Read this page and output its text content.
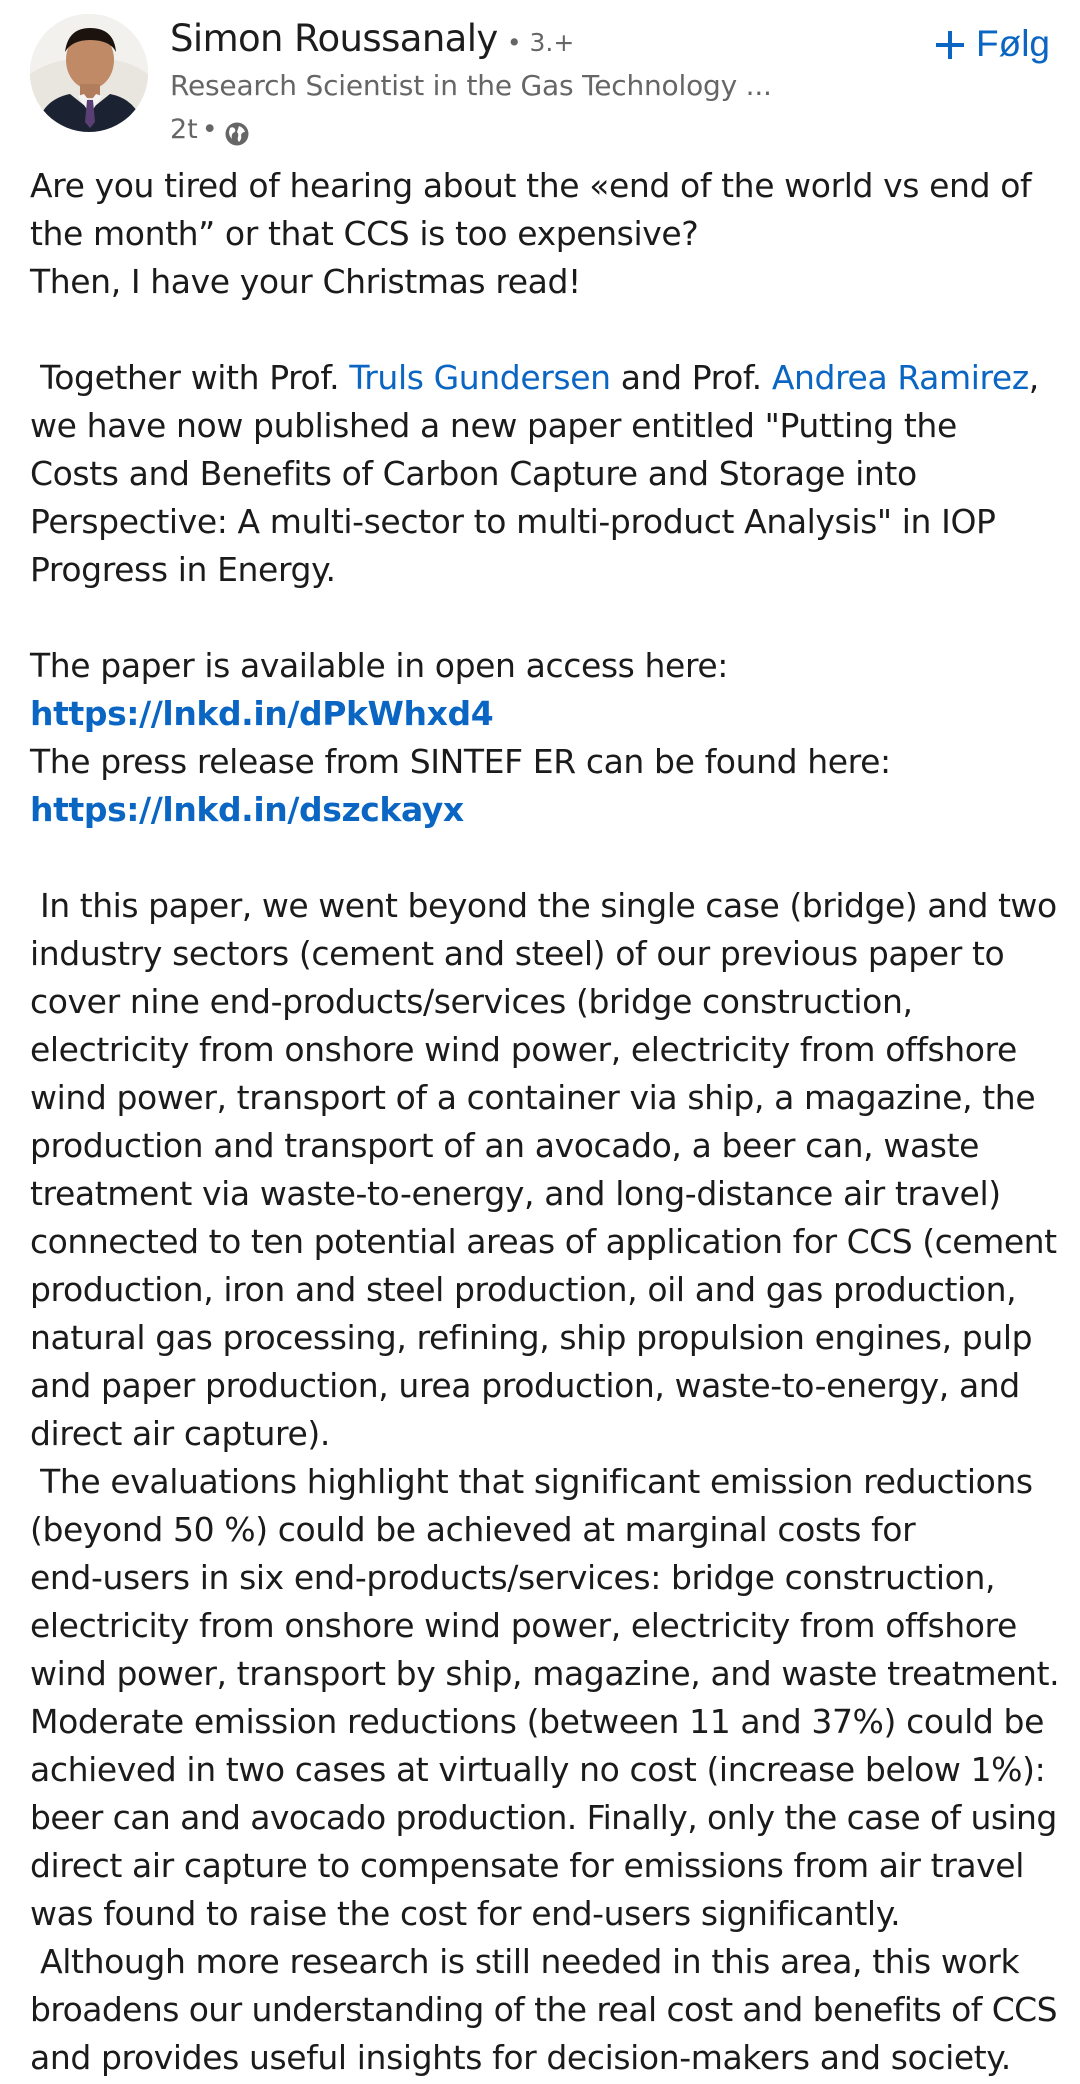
Simon Roussanaly • 3.+
Research Scientist in the Gas Technology ...
2t •
Følg
Are you tired of hearing about the «end of the world vs end of
the month” or that CCS is too expensive?
Then, I have your Christmas read!
Together with Prof. Truls Gundersen and Prof. Andrea Ramirez,
we have now published a new paper entitled "Putting the
Costs and Benefits of Carbon Capture and Storage into
Perspective: A multi-sector to multi-product Analysis" in IOP
Progress in Energy.
The paper is available in open access here:
https://lnkd.in/dPkWhxd4
The press release from SINTEF ER can be found here:
https://lnkd.in/dszckayx
In this paper, we went beyond the single case (bridge) and two
industry sectors (cement and steel) of our previous paper to
cover nine end-products/services (bridge construction,
electricity from onshore wind power, electricity from offshore
wind power, transport of a container via ship, a magazine, the
production and transport of an avocado, a beer can, waste
treatment via waste-to-energy, and long-distance air travel)
connected to ten potential areas of application for CCS (cement
production, iron and steel production, oil and gas production,
natural gas processing, refining, ship propulsion engines, pulp
and paper production, urea production, waste-to-energy, and
direct air capture).
The evaluations highlight that significant emission reductions
(beyond 50 %) could be achieved at marginal costs for
end-users in six end-products/services: bridge construction,
electricity from onshore wind power, electricity from offshore
wind power, transport by ship, magazine, and waste treatment.
Moderate emission reductions (between 11 and 37%) could be
achieved in two cases at virtually no cost (increase below 1%):
beer can and avocado production. Finally, only the case of using
direct air capture to compensate for emissions from air travel
was found to raise the cost for end-users significantly.
Although more research is still needed in this area, this work
broadens our understanding of the real cost and benefits of CCS
and provides useful insights for decision-makers and society.
